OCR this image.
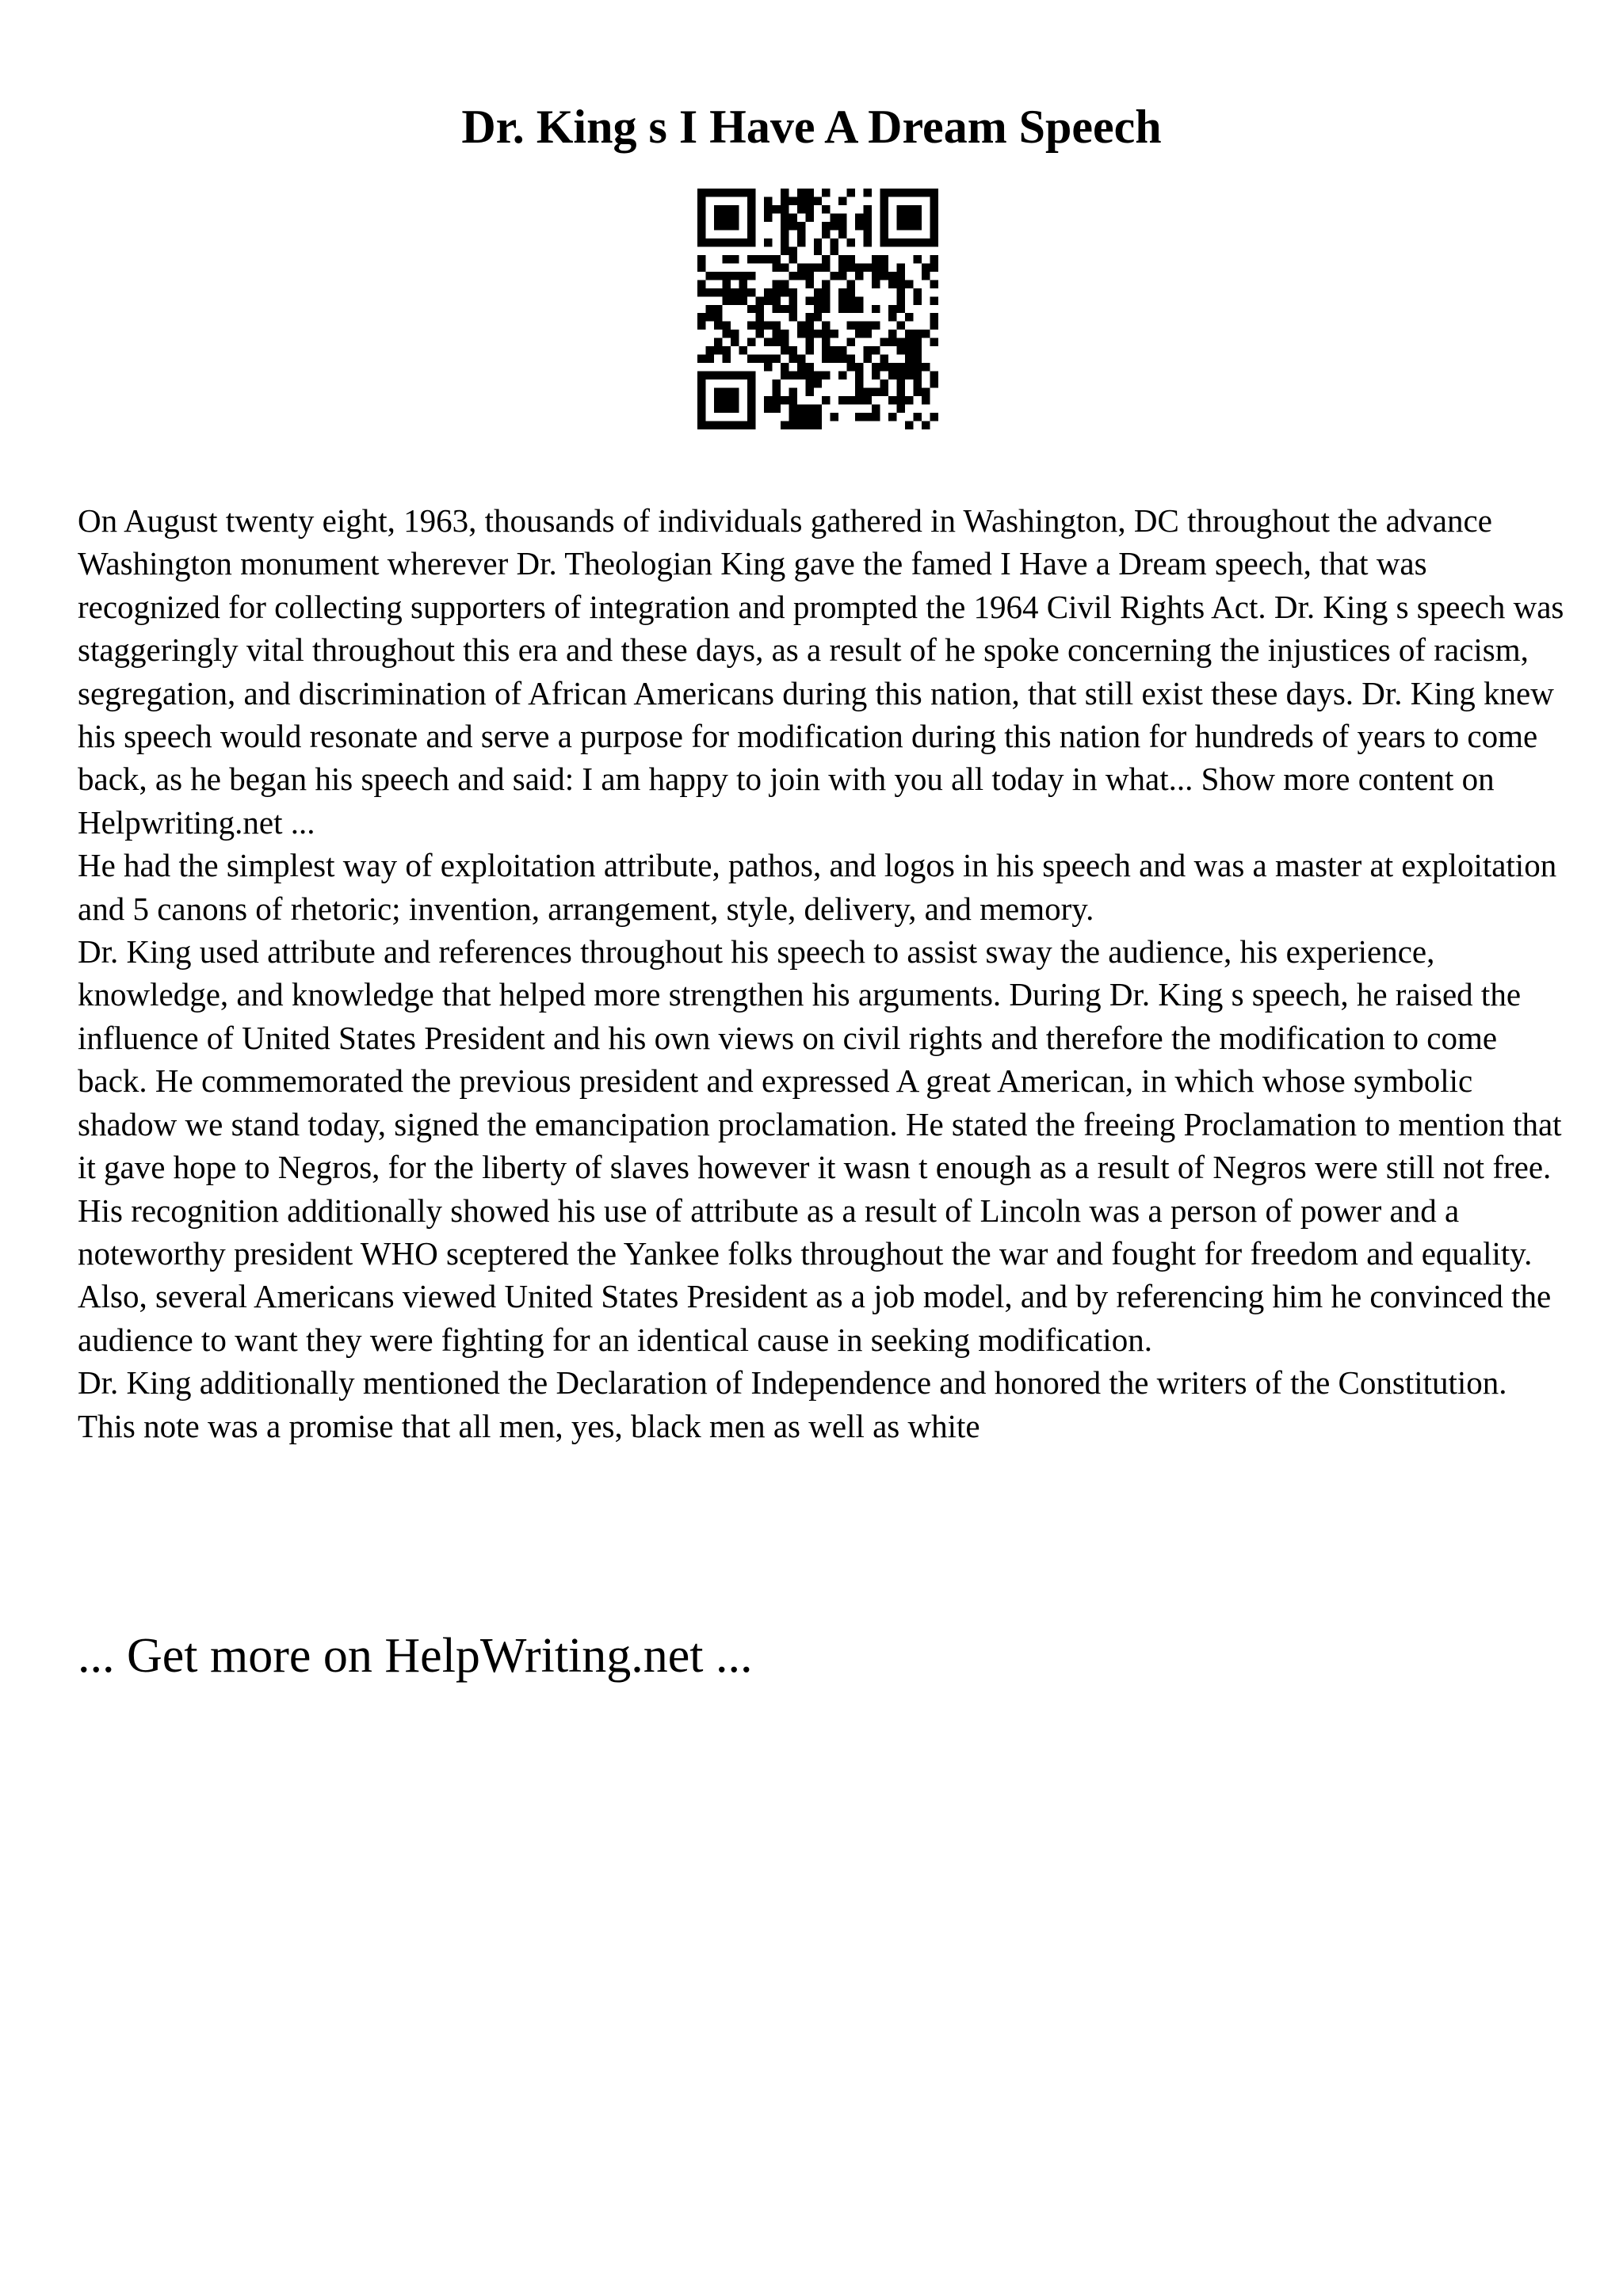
Dr. King s I Have A Dream Speech

On August twenty eight, 1963, thousands of individuals gathered in Washington, DC throughout the advance Washington monument wherever Dr. Theologian King gave the famed I Have a Dream speech, that was recognized for collecting supporters of integration and prompted the 1964 Civil Rights Act. Dr. King s speech was staggeringly vital throughout this era and these days, as a result of he spoke concerning the injustices of racism, segregation, and discrimination of African Americans during this nation, that still exist these days. Dr. King knew his speech would resonate and serve a purpose for modification during this nation for hundreds of years to come back, as he began his speech and said: I am happy to join with you all today in what... Show more content on Helpwriting.net ...

He had the simplest way of exploitation attribute, pathos, and logos in his speech and was a master at exploitation and 5 canons of rhetoric; invention, arrangement, style, delivery, and memory.

Dr. King used attribute and references throughout his speech to assist sway the audience, his experience, knowledge, and knowledge that helped more strengthen his arguments. During Dr. King s speech, he raised the influence of United States President and his own views on civil rights and therefore the modification to come back. He commemorated the previous president and expressed A great American, in which whose symbolic shadow we stand today, signed the emancipation proclamation. He stated the freeing Proclamation to mention that it gave hope to Negros, for the liberty of slaves however it wasn t enough as a result of Negros were still not free. His recognition additionally showed his use of attribute as a result of Lincoln was a person of power and a noteworthy president WHO sceptered the Yankee folks throughout the war and fought for freedom and equality. Also, several Americans viewed United States President as a job model, and by referencing him he convinced the audience to want they were fighting for an identical cause in seeking modification.

Dr. King additionally mentioned the Declaration of Independence and honored the writers of the Constitution. This note was a promise that all men, yes, black men as well as white

... Get more on HelpWriting.net ...
